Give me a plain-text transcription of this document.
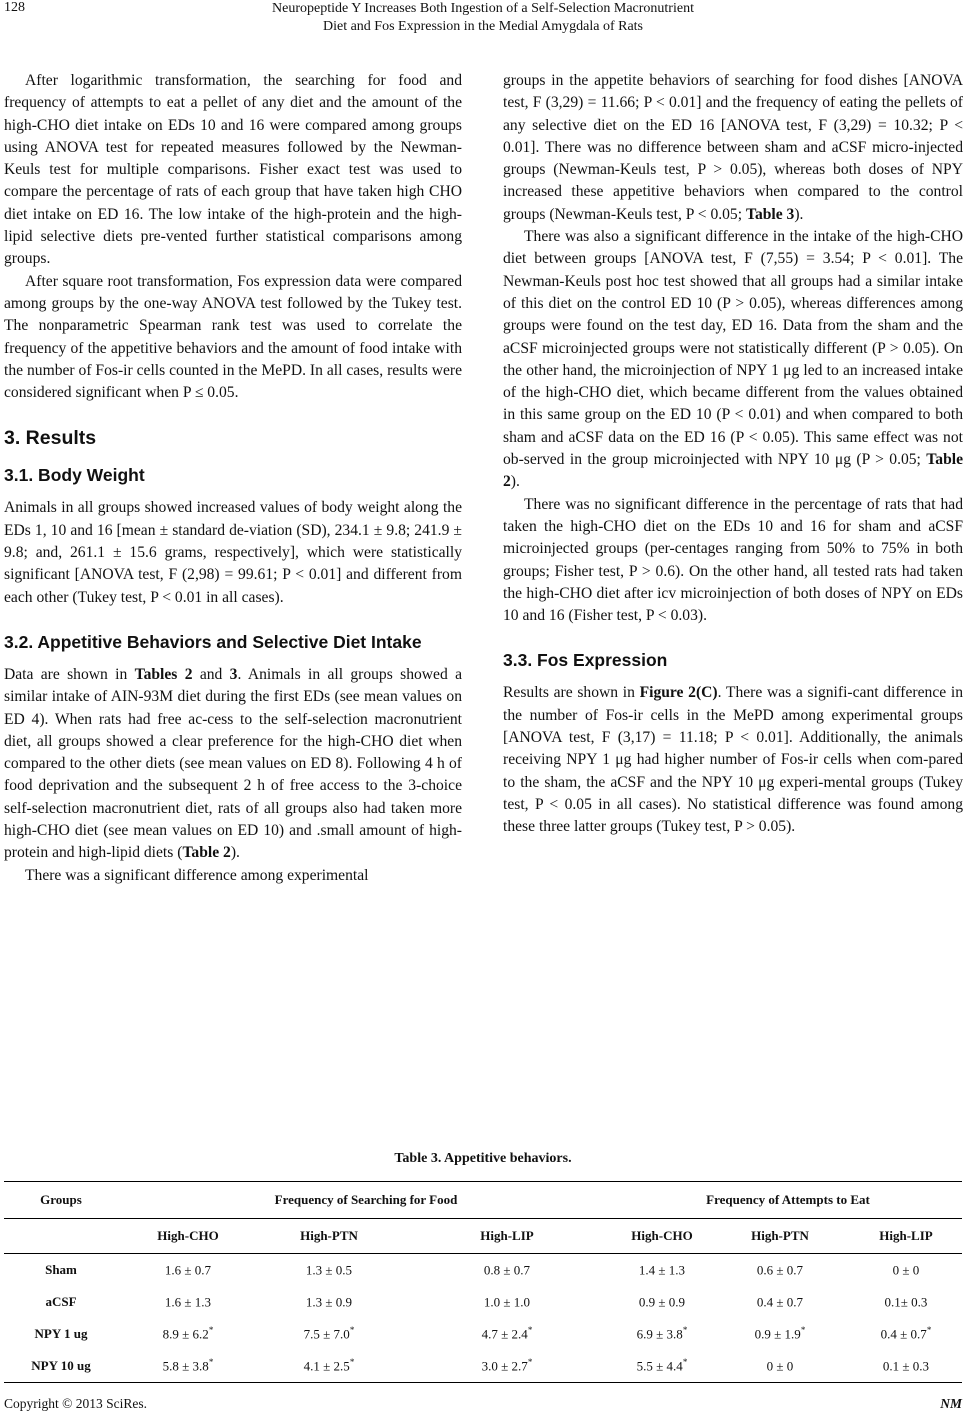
128	Neuropeptide Y Increases Both Ingestion of a Self-Selection Macronutrient
Diet and Fos Expression in the Medial Amygdala of Rats

After logarithmic transformation, the searching for food and frequency of attempts to eat a pellet of any diet and the amount of the high-CHO diet intake on EDs 10 and 16 were compared among groups using ANOVA test for repeated measures followed by the Newman-Keuls test for multiple comparisons. Fisher exact test was used to compare the percentage of rats of each group that have taken high CHO diet intake on ED 16. The low intake of the high-protein and the high-lipid selective diets pre-vented further statistical comparisons among groups.

After square root transformation, Fos expression data were compared among groups by the one-way ANOVA test followed by the Tukey test. The nonparametric Spearman rank test was used to correlate the frequency of the appetitive behaviors and the amount of food intake with the number of Fos-ir cells counted in the MePD. In all cases, results were considered significant when P ≤ 0.05.

3. Results
3.1. Body Weight

Animals in all groups showed increased values of body weight along the EDs 1, 10 and 16 [mean ± standard de-viation (SD), 234.1 ± 9.8; 241.9 ± 9.8; and, 261.1 ± 15.6 grams, respectively], which were statistically significant [ANOVA test, F (2,98) = 99.61; P < 0.01] and different from each other (Tukey test, P < 0.01 in all cases).

3.2. Appetitive Behaviors and Selective Diet Intake

Data are shown in Tables 2 and 3. Animals in all groups showed a similar intake of AIN-93M diet during the first EDs (see mean values on ED 4). When rats had free ac-cess to the self-selection macronutrient diet, all groups showed a clear preference for the high-CHO diet when compared to the other diets (see mean values on ED 8). Following 4 h of food deprivation and the subsequent 2 h of free access to the 3-choice self-selection macronutrient diet, rats of all groups also had taken more high-CHO diet (see mean values on ED 10) and .small amount of high-protein and high-lipid diets (Table 2).

There was a significant difference among experimental

groups in the appetite behaviors of searching for food dishes [ANOVA test, F (3,29) = 11.66; P < 0.01] and the frequency of eating the pellets of any selective diet on the ED 16 [ANOVA test, F (3,29) = 10.32; P < 0.01]. There was no difference between sham and aCSF micro-injected groups (Newman-Keuls test, P > 0.05), whereas both doses of NPY increased these appetitive behaviors when compared to the control groups (Newman-Keuls test, P < 0.05; Table 3).

There was also a significant difference in the intake of the high-CHO diet between groups [ANOVA test, F (7,55) = 3.54; P < 0.01]. The Newman-Keuls post hoc test showed that all groups had a similar intake of this diet on the control ED 10 (P > 0.05), whereas differences among groups were found on the test day, ED 16. Data from the sham and the aCSF microinjected groups were not statistically different (P > 0.05). On the other hand, the microinjection of NPY 1 μg led to an increased intake of the high-CHO diet, which became different from the values obtained in this same group on the ED 10 (P < 0.01) and when compared to both sham and aCSF data on the ED 16 (P < 0.05). This same effect was not ob-served in the group microinjected with NPY 10 μg (P > 0.05; Table 2).

There was no significant difference in the percentage of rats that had taken the high-CHO diet on the EDs 10 and 16 for sham and aCSF microinjected groups (per-centages ranging from 50% to 75% in both groups; Fisher test, P > 0.6). On the other hand, all tested rats had taken the high-CHO diet after icv microinjection of both doses of NPY on EDs 10 and 16 (Fisher test, P < 0.03).

3.3. Fos Expression

Results are shown in Figure 2(C). There was a signifi-cant difference in the number of Fos-ir cells in the MePD among experimental groups [ANOVA test, F (3,17) = 11.18; P < 0.01]. Additionally, the animals receiving NPY 1 μg had higher number of Fos-ir cells when com-pared to the sham, the aCSF and the NPY 10 μg experi-mental groups (Tukey test, P < 0.05 in all cases). No statistical difference was found among these three latter groups (Tukey test, P > 0.05).

Table 3. Appetitive behaviors.
Groups	Frequency of Searching for Food			Frequency of Attempts to Eat		
	High-CHO	High-PTN	High-LIP	High-CHO	High-PTN	High-LIP
Sham	1.6 ± 0.7	1.3 ± 0.5	0.8 ± 0.7	1.4 ± 1.3	0.6 ± 0.7	0 ± 0
aCSF	1.6 ± 1.3	1.3 ± 0.9	1.0 ± 1.0	0.9 ± 0.9	0.4 ± 0.7	0.1± 0.3
NPY 1 ug	8.9 ± 6.2*	7.5 ± 7.0*	4.7 ± 2.4*	6.9 ± 3.8*	0.9 ± 1.9*	0.4 ± 0.7*
NPY 10 ug	5.8 ± 3.8*	4.1 ± 2.5*	3.0 ± 2.7*	5.5 ± 4.4*	0 ± 0	0.1 ± 0.3
Copyright © 2013 SciRes.	NM
